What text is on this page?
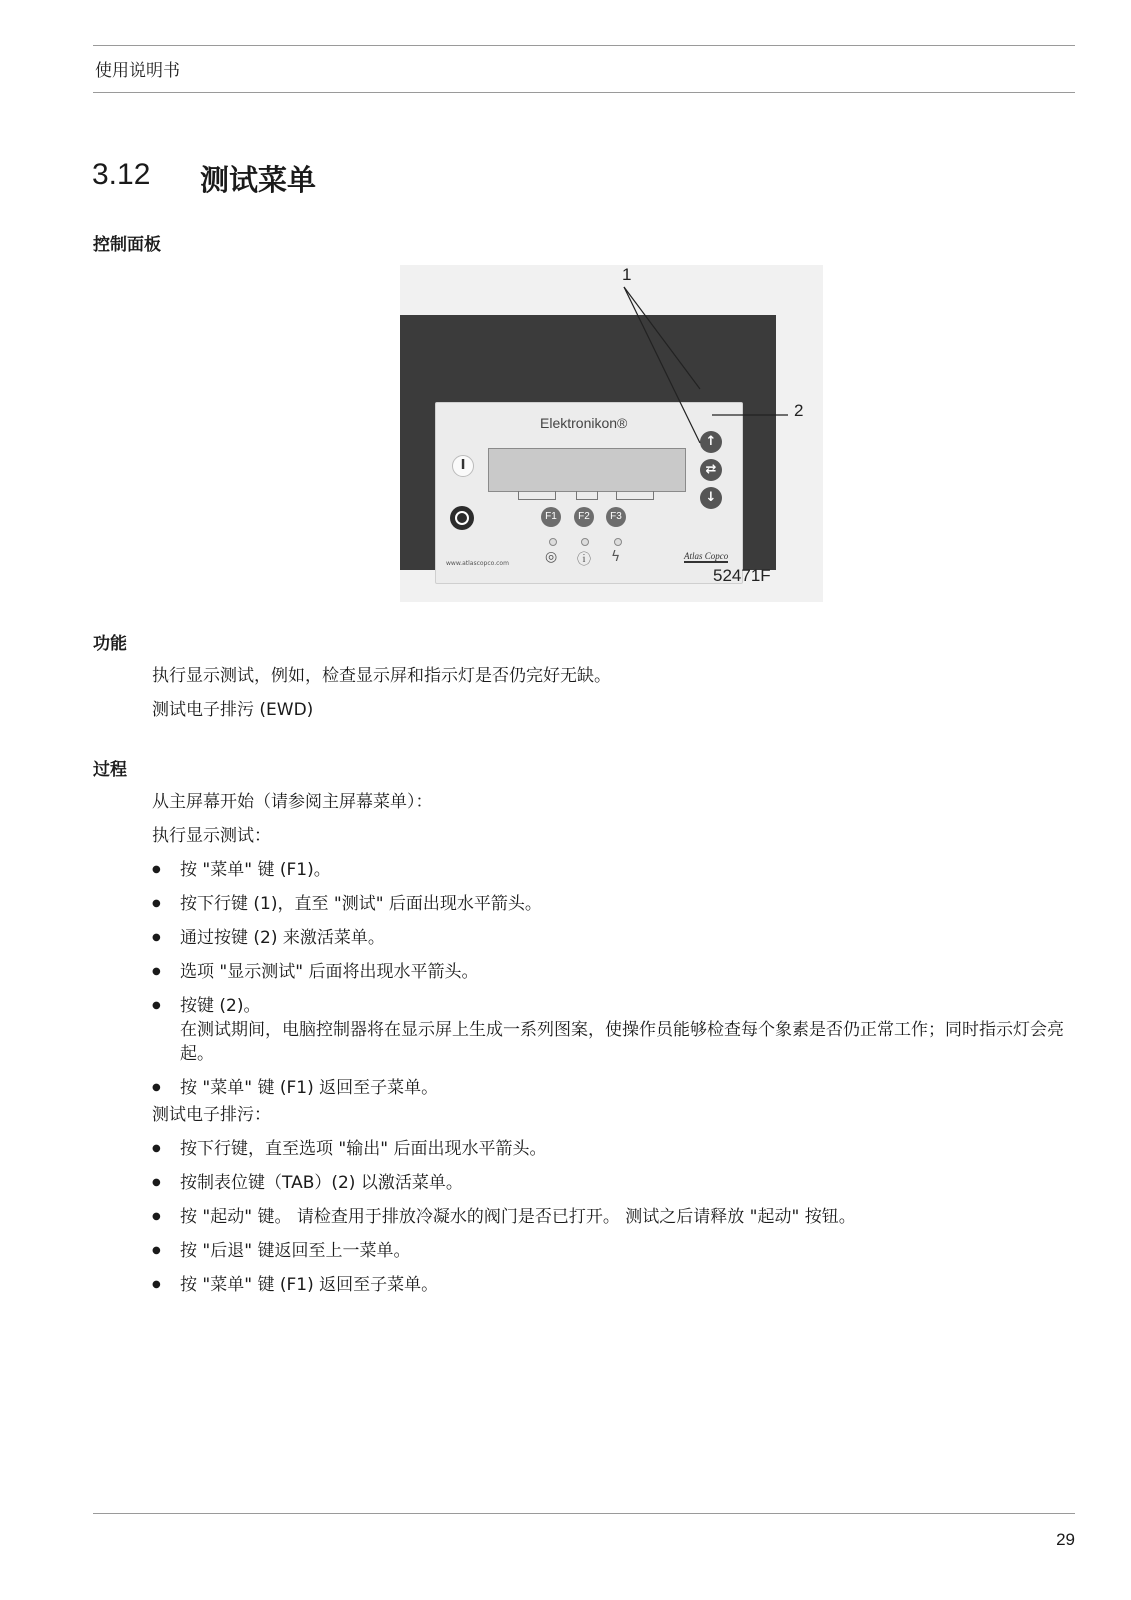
使用说明书
3.12 测试菜单
控制面板
Elektronikon®
F1	F2	F3
I
↑
⇄
↓
◎ ⓘ ϟ
www.atlascopco.com
Atlas Copco
1
2
52471F
功能
执行显示测试，例如，检查显示屏和指示灯是否仍完好无缺。
测试电子排污 (EWD)
过程
从主屏幕开始（请参阅主屏幕菜单）：
执行显示测试：
● 按 "菜单" 键 (F1)。
● 按下行键 (1)，直至 "测试" 后面出现水平箭头。
● 通过按键 (2) 来激活菜单。
● 选项 "显示测试" 后面将出现水平箭头。
● 按键 (2)。
在测试期间，电脑控制器将在显示屏上生成一系列图案，使操作员能够检查每个象素是否仍正常工作；同时指示灯会亮起。
● 按 "菜单" 键 (F1) 返回至子菜单。
测试电子排污：
● 按下行键，直至选项 "输出" 后面出现水平箭头。
● 按制表位键（TAB）(2) 以激活菜单。
● 按 "起动" 键。 请检查用于排放冷凝水的阀门是否已打开。 测试之后请释放 "起动" 按钮。
● 按 "后退" 键返回至上一菜单。
● 按 "菜单" 键 (F1) 返回至子菜单。
29
